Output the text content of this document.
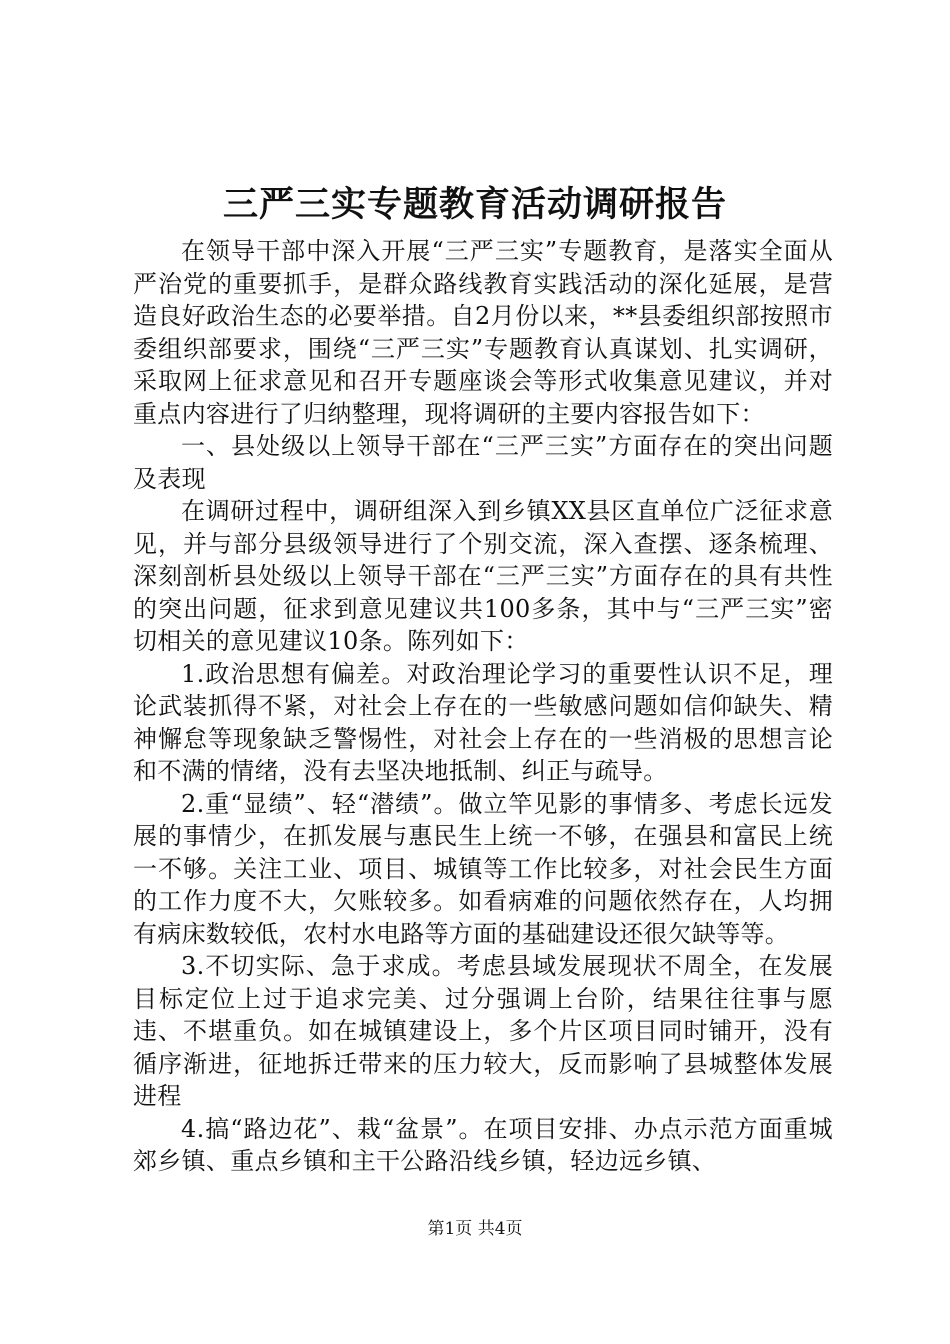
三严三实专题教育活动调研报告

在领导干部中深入开展“三严三实”专题教育，是落实全面从严治党的重要抓手，是群众路线教育实践活动的深化延展，是营造良好政治生态的必要举措。自2月份以来，**县委组织部按照市委组织部要求，围绕“三严三实”专题教育认真谋划、扎实调研，采取网上征求意见和召开专题座谈会等形式收集意见建议，并对重点内容进行了归纳整理，现将调研的主要内容报告如下：

一、县处级以上领导干部在“三严三实”方面存在的突出问题及表现

在调研过程中，调研组深入到乡镇XX县区直单位广泛征求意见，并与部分县级领导进行了个别交流，深入查摆、逐条梳理、深刻剖析县处级以上领导干部在“三严三实”方面存在的具有共性的突出问题，征求到意见建议共100多条，其中与“三严三实”密切相关的意见建议10条。陈列如下：

1.政治思想有偏差。对政治理论学习的重要性认识不足，理论武装抓得不紧，对社会上存在的一些敏感问题如信仰缺失、精神懈怠等现象缺乏警惕性，对社会上存在的一些消极的思想言论和不满的情绪，没有去坚决地抵制、纠正与疏导。

2.重“显绩”、轻“潜绩”。做立竿见影的事情多、考虑长远发展的事情少，在抓发展与惠民生上统一不够，在强县和富民上统一不够。关注工业、项目、城镇等工作比较多，对社会民生方面的工作力度不大，欠账较多。如看病难的问题依然存在，人均拥有病床数较低，农村水电路等方面的基础建设还很欠缺等等。

3.不切实际、急于求成。考虑县域发展现状不周全，在发展目标定位上过于追求完美、过分强调上台阶，结果往往事与愿违、不堪重负。如在城镇建设上，多个片区项目同时铺开，没有循序渐进，征地拆迁带来的压力较大，反而影响了县城整体发展进程

4.搞“路边花”、栽“盆景”。在项目安排、办点示范方面重城郊乡镇、重点乡镇和主干公路沿线乡镇，轻边远乡镇、

第1页 共4页
